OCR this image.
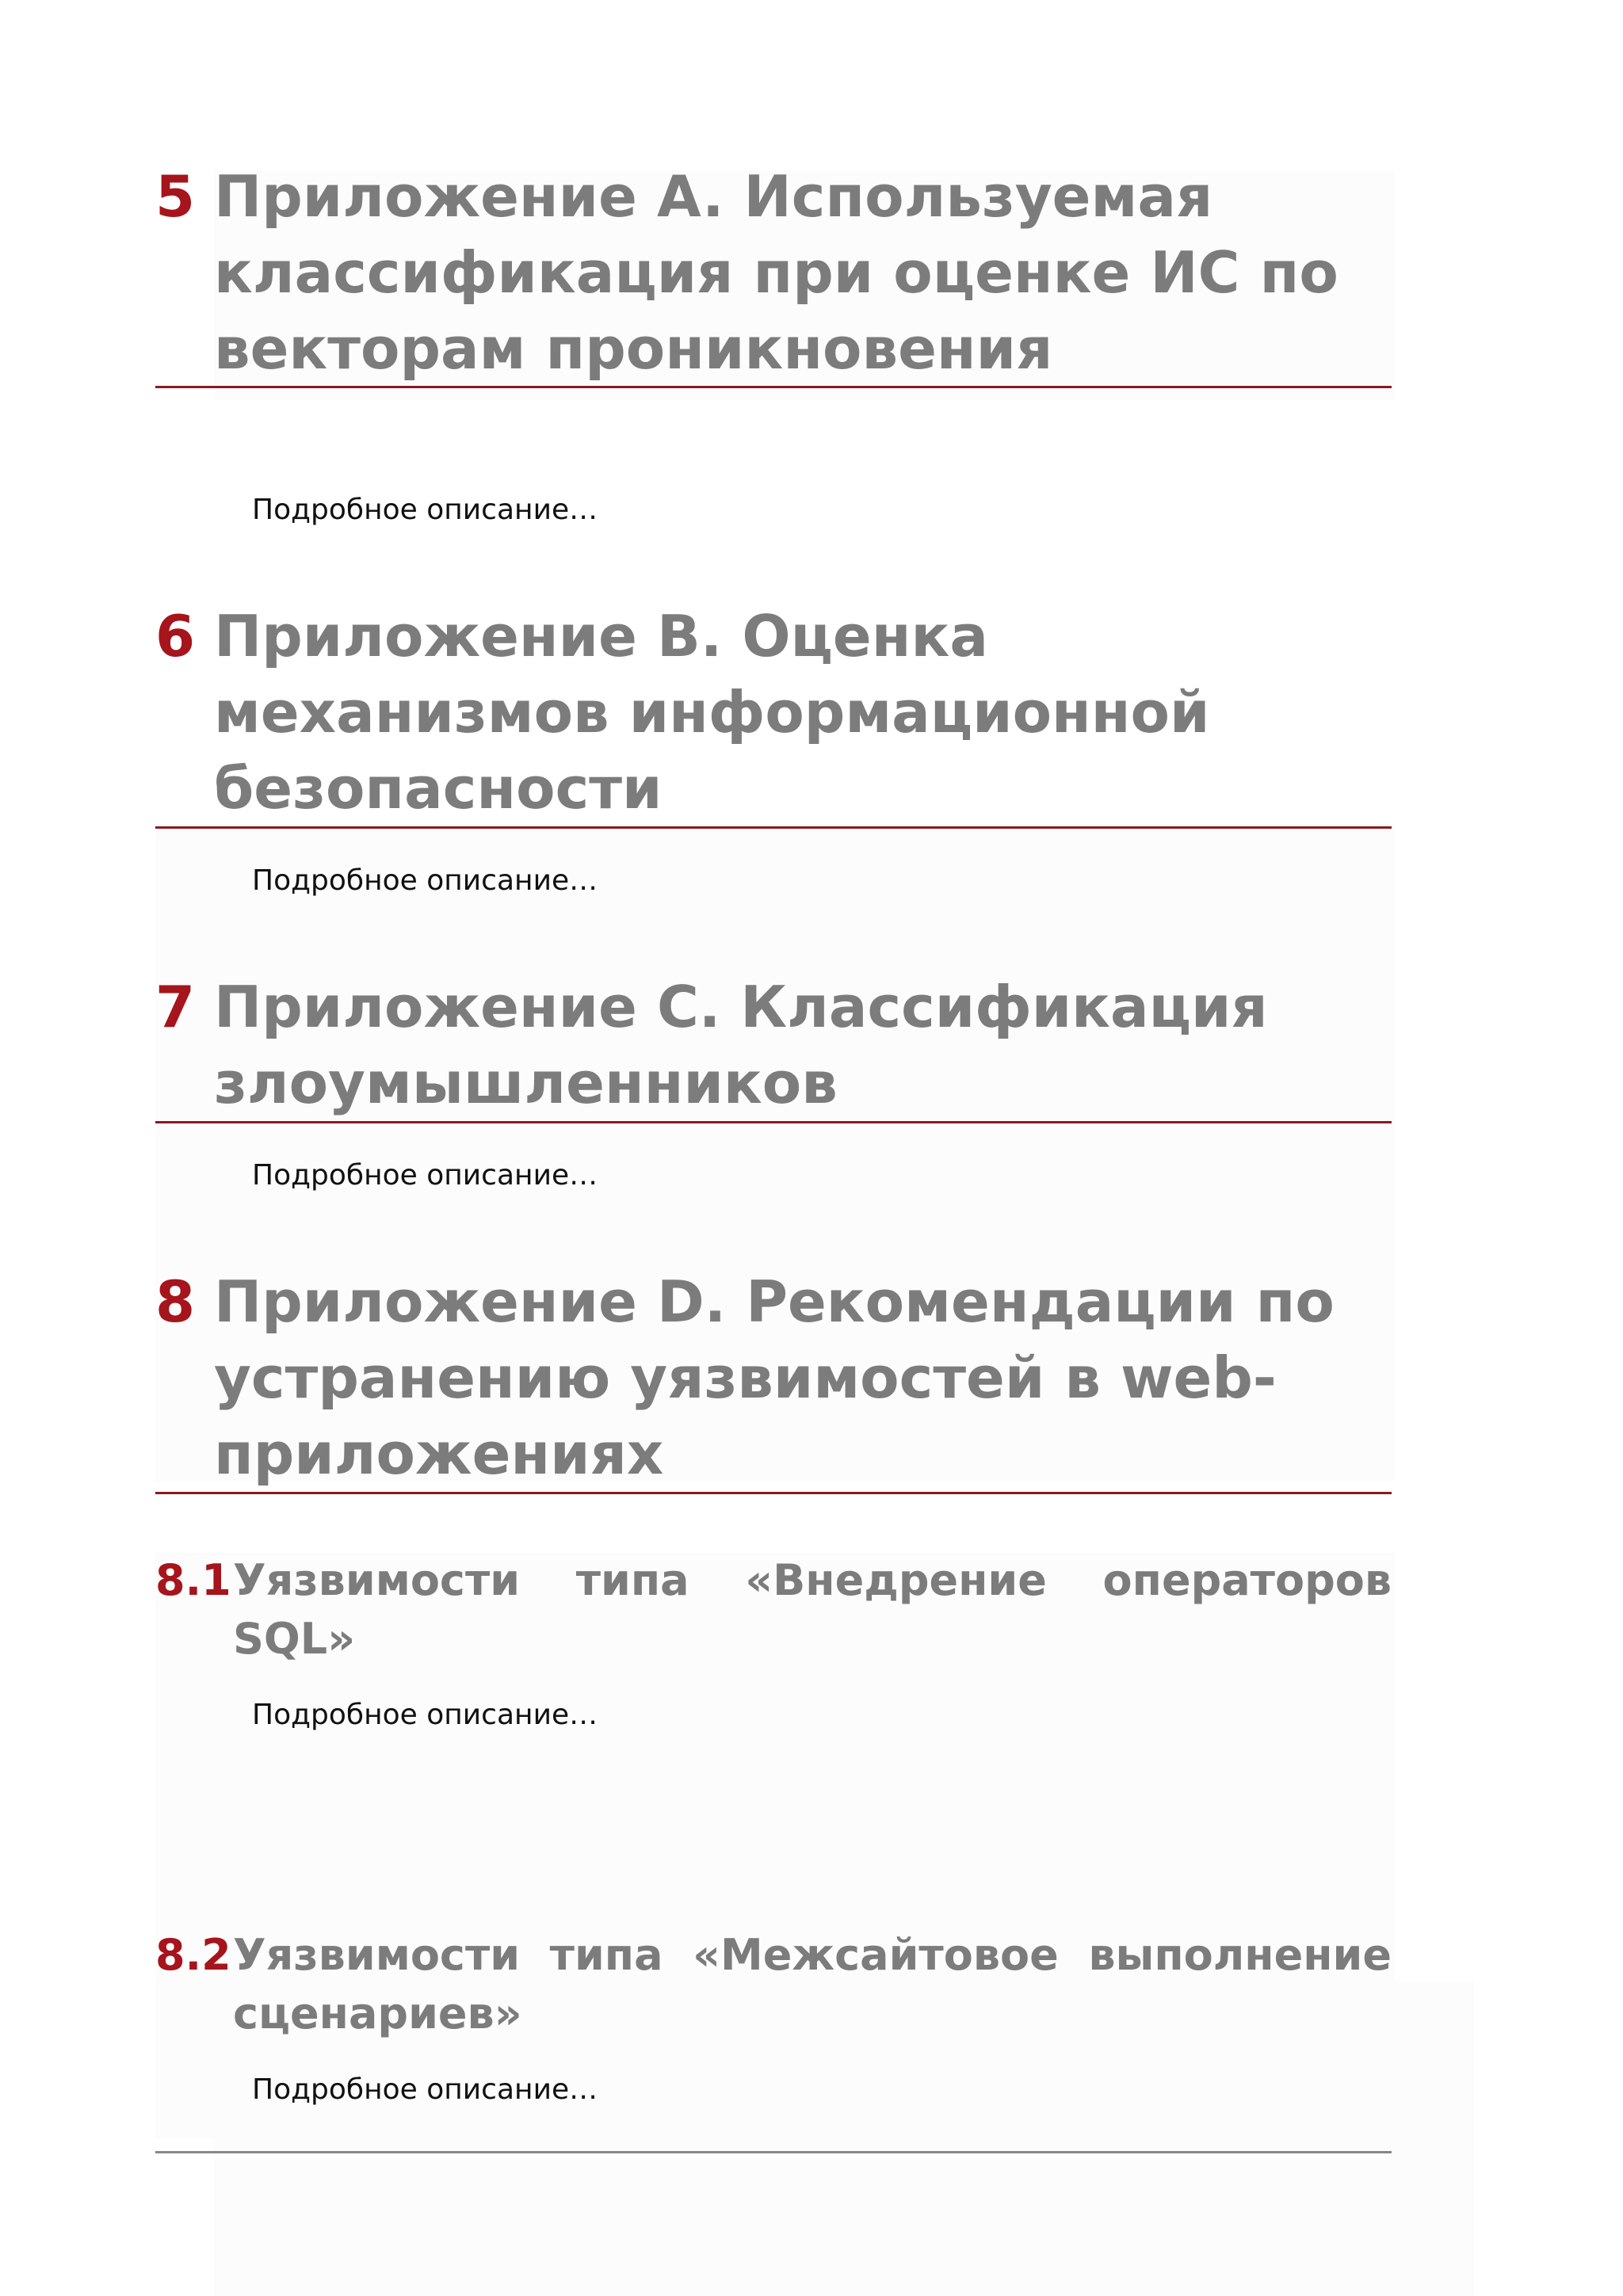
5 Приложение A. Используемая классификация при оценке ИС по векторам проникновения
Подробное описание…
6 Приложение B. Оценка механизмов информационной безопасности
Подробное описание…
7 Приложение C. Классификация злоумышленников
Подробное описание…
8 Приложение D. Рекомендации по устранению уязвимостей в web-приложениях
8.1 Уязвимости типа «Внедрение операторов SQL»
Подробное описание…
8.2 Уязвимости типа «Межсайтовое выполнение сценариев»
Подробное описание…
